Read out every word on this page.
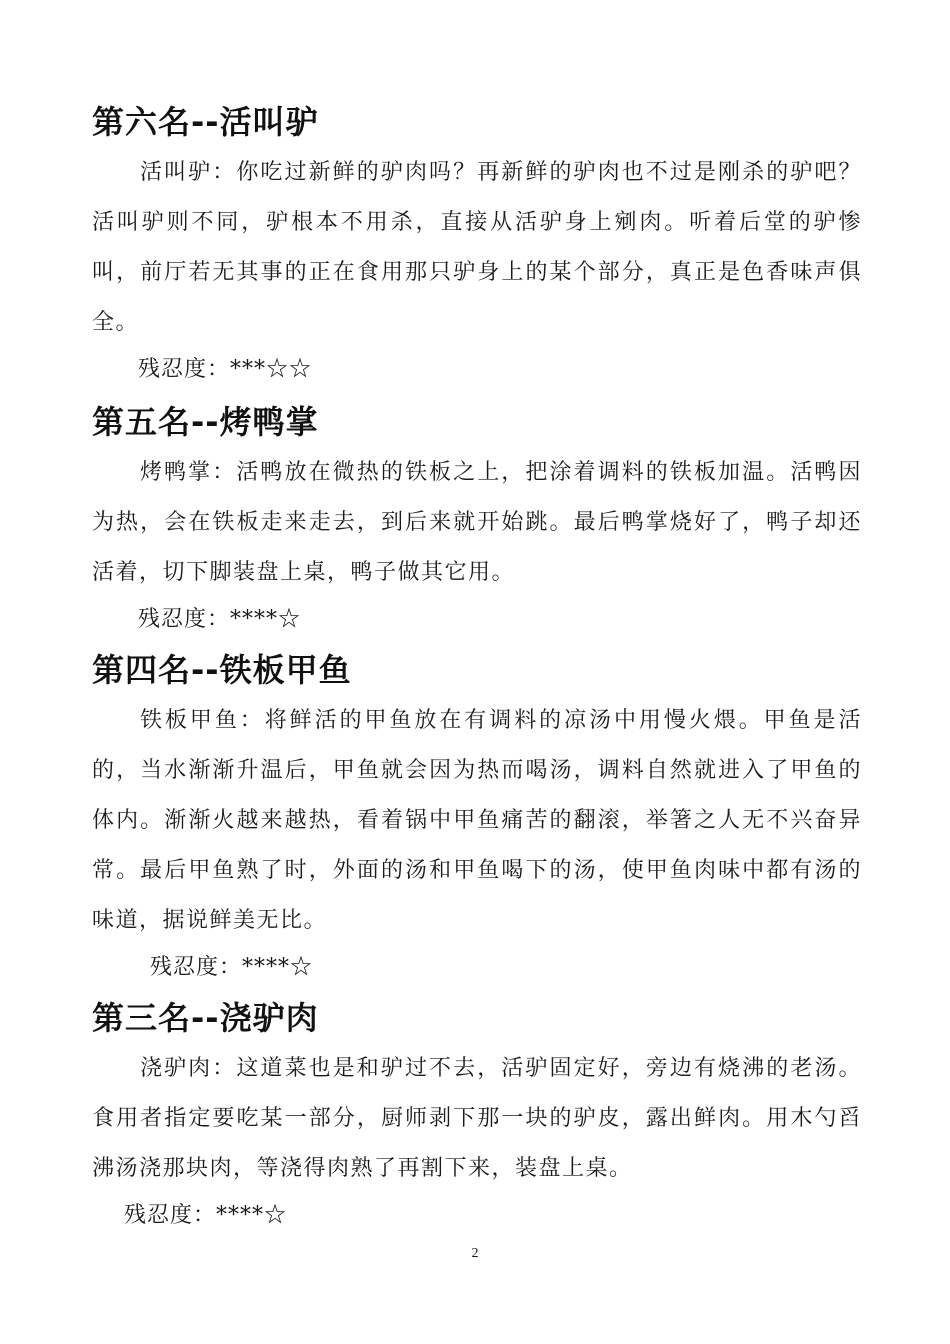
第六名--活叫驴

活叫驴：你吃过新鲜的驴肉吗？再新鲜的驴肉也不过是刚杀的驴吧？活叫驴则不同，驴根本不用杀，直接从活驴身上剜肉。听着后堂的驴惨叫，前厅若无其事的正在食用那只驴身上的某个部分，真正是色香味声俱全。

残忍度：***☆☆

第五名--烤鸭掌

烤鸭掌：活鸭放在微热的铁板之上，把涂着调料的铁板加温。活鸭因为热，会在铁板走来走去，到后来就开始跳。最后鸭掌烧好了，鸭子却还活着，切下脚装盘上桌，鸭子做其它用。

残忍度：****☆

第四名--铁板甲鱼

铁板甲鱼：将鲜活的甲鱼放在有调料的凉汤中用慢火煨。甲鱼是活的，当水渐渐升温后，甲鱼就会因为热而喝汤，调料自然就进入了甲鱼的体内。渐渐火越来越热，看着锅中甲鱼痛苦的翻滚，举箸之人无不兴奋异常。最后甲鱼熟了时，外面的汤和甲鱼喝下的汤，使甲鱼肉味中都有汤的味道，据说鲜美无比。

残忍度：****☆

第三名--浇驴肉

浇驴肉：这道菜也是和驴过不去，活驴固定好，旁边有烧沸的老汤。食用者指定要吃某一部分，厨师剥下那一块的驴皮，露出鲜肉。用木勺舀沸汤浇那块肉，等浇得肉熟了再割下来，装盘上桌。

残忍度：****☆

2
